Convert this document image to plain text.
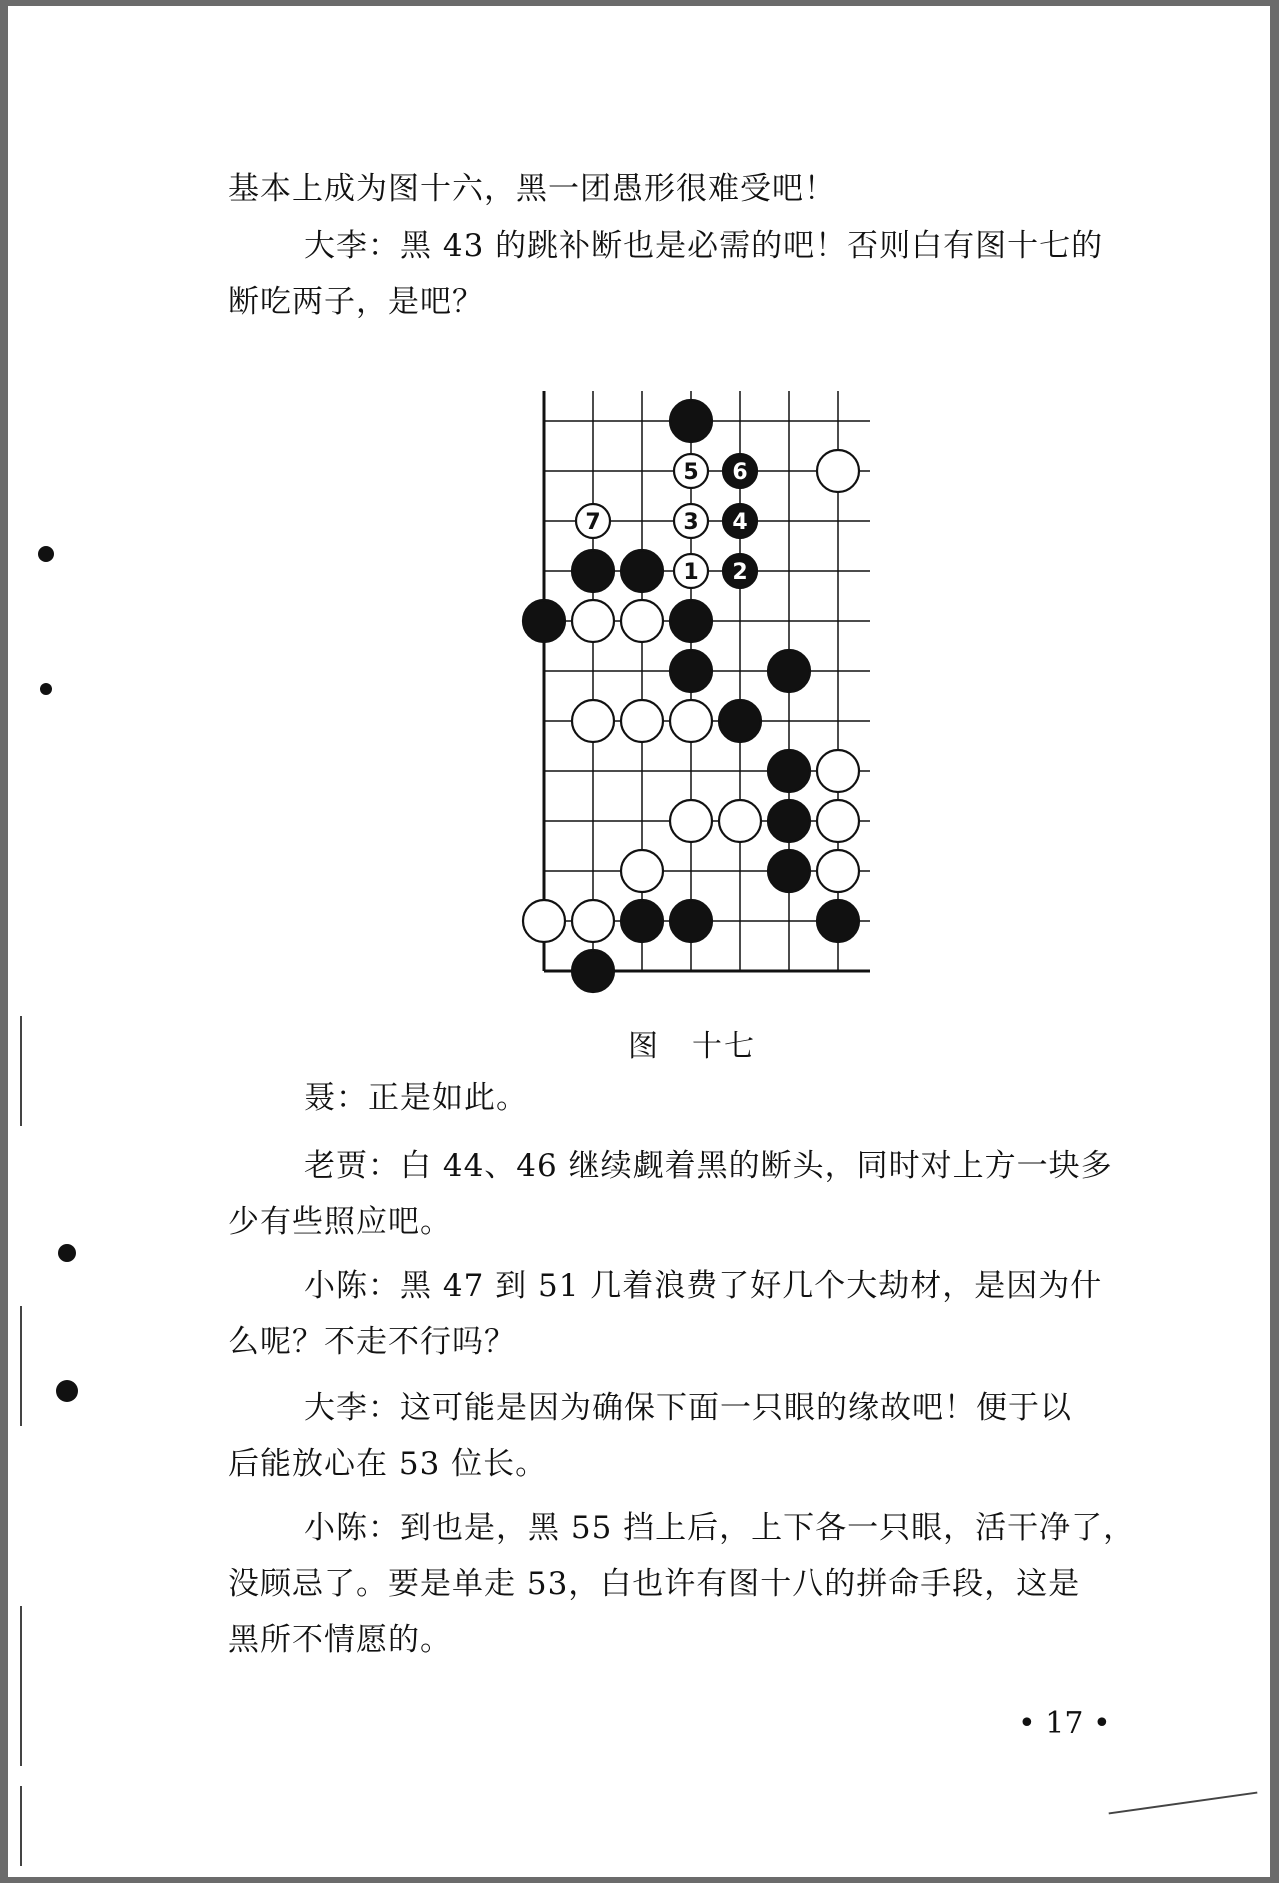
基本上成为图十六，黑一团愚形很难受吧！

大李：黑 43 的跳补断也是必需的吧！否则白有图十七的

断吃两子，是吧？

5 6
7	3 4
1 2
图　十七

聂：正是如此。

老贾：白 44、46 继续觑着黑的断头，同时对上方一块多

少有些照应吧。

小陈：黑 47 到 51 几着浪费了好几个大劫材，是因为什

么呢？不走不行吗？

大李：这可能是因为确保下面一只眼的缘故吧！便于以

后能放心在 53 位长。

小陈：到也是，黑 55 挡上后，上下各一只眼，活干净了，

没顾忌了。要是单走 53，白也许有图十八的拼命手段，这是

黑所不情愿的。

• 17 •
